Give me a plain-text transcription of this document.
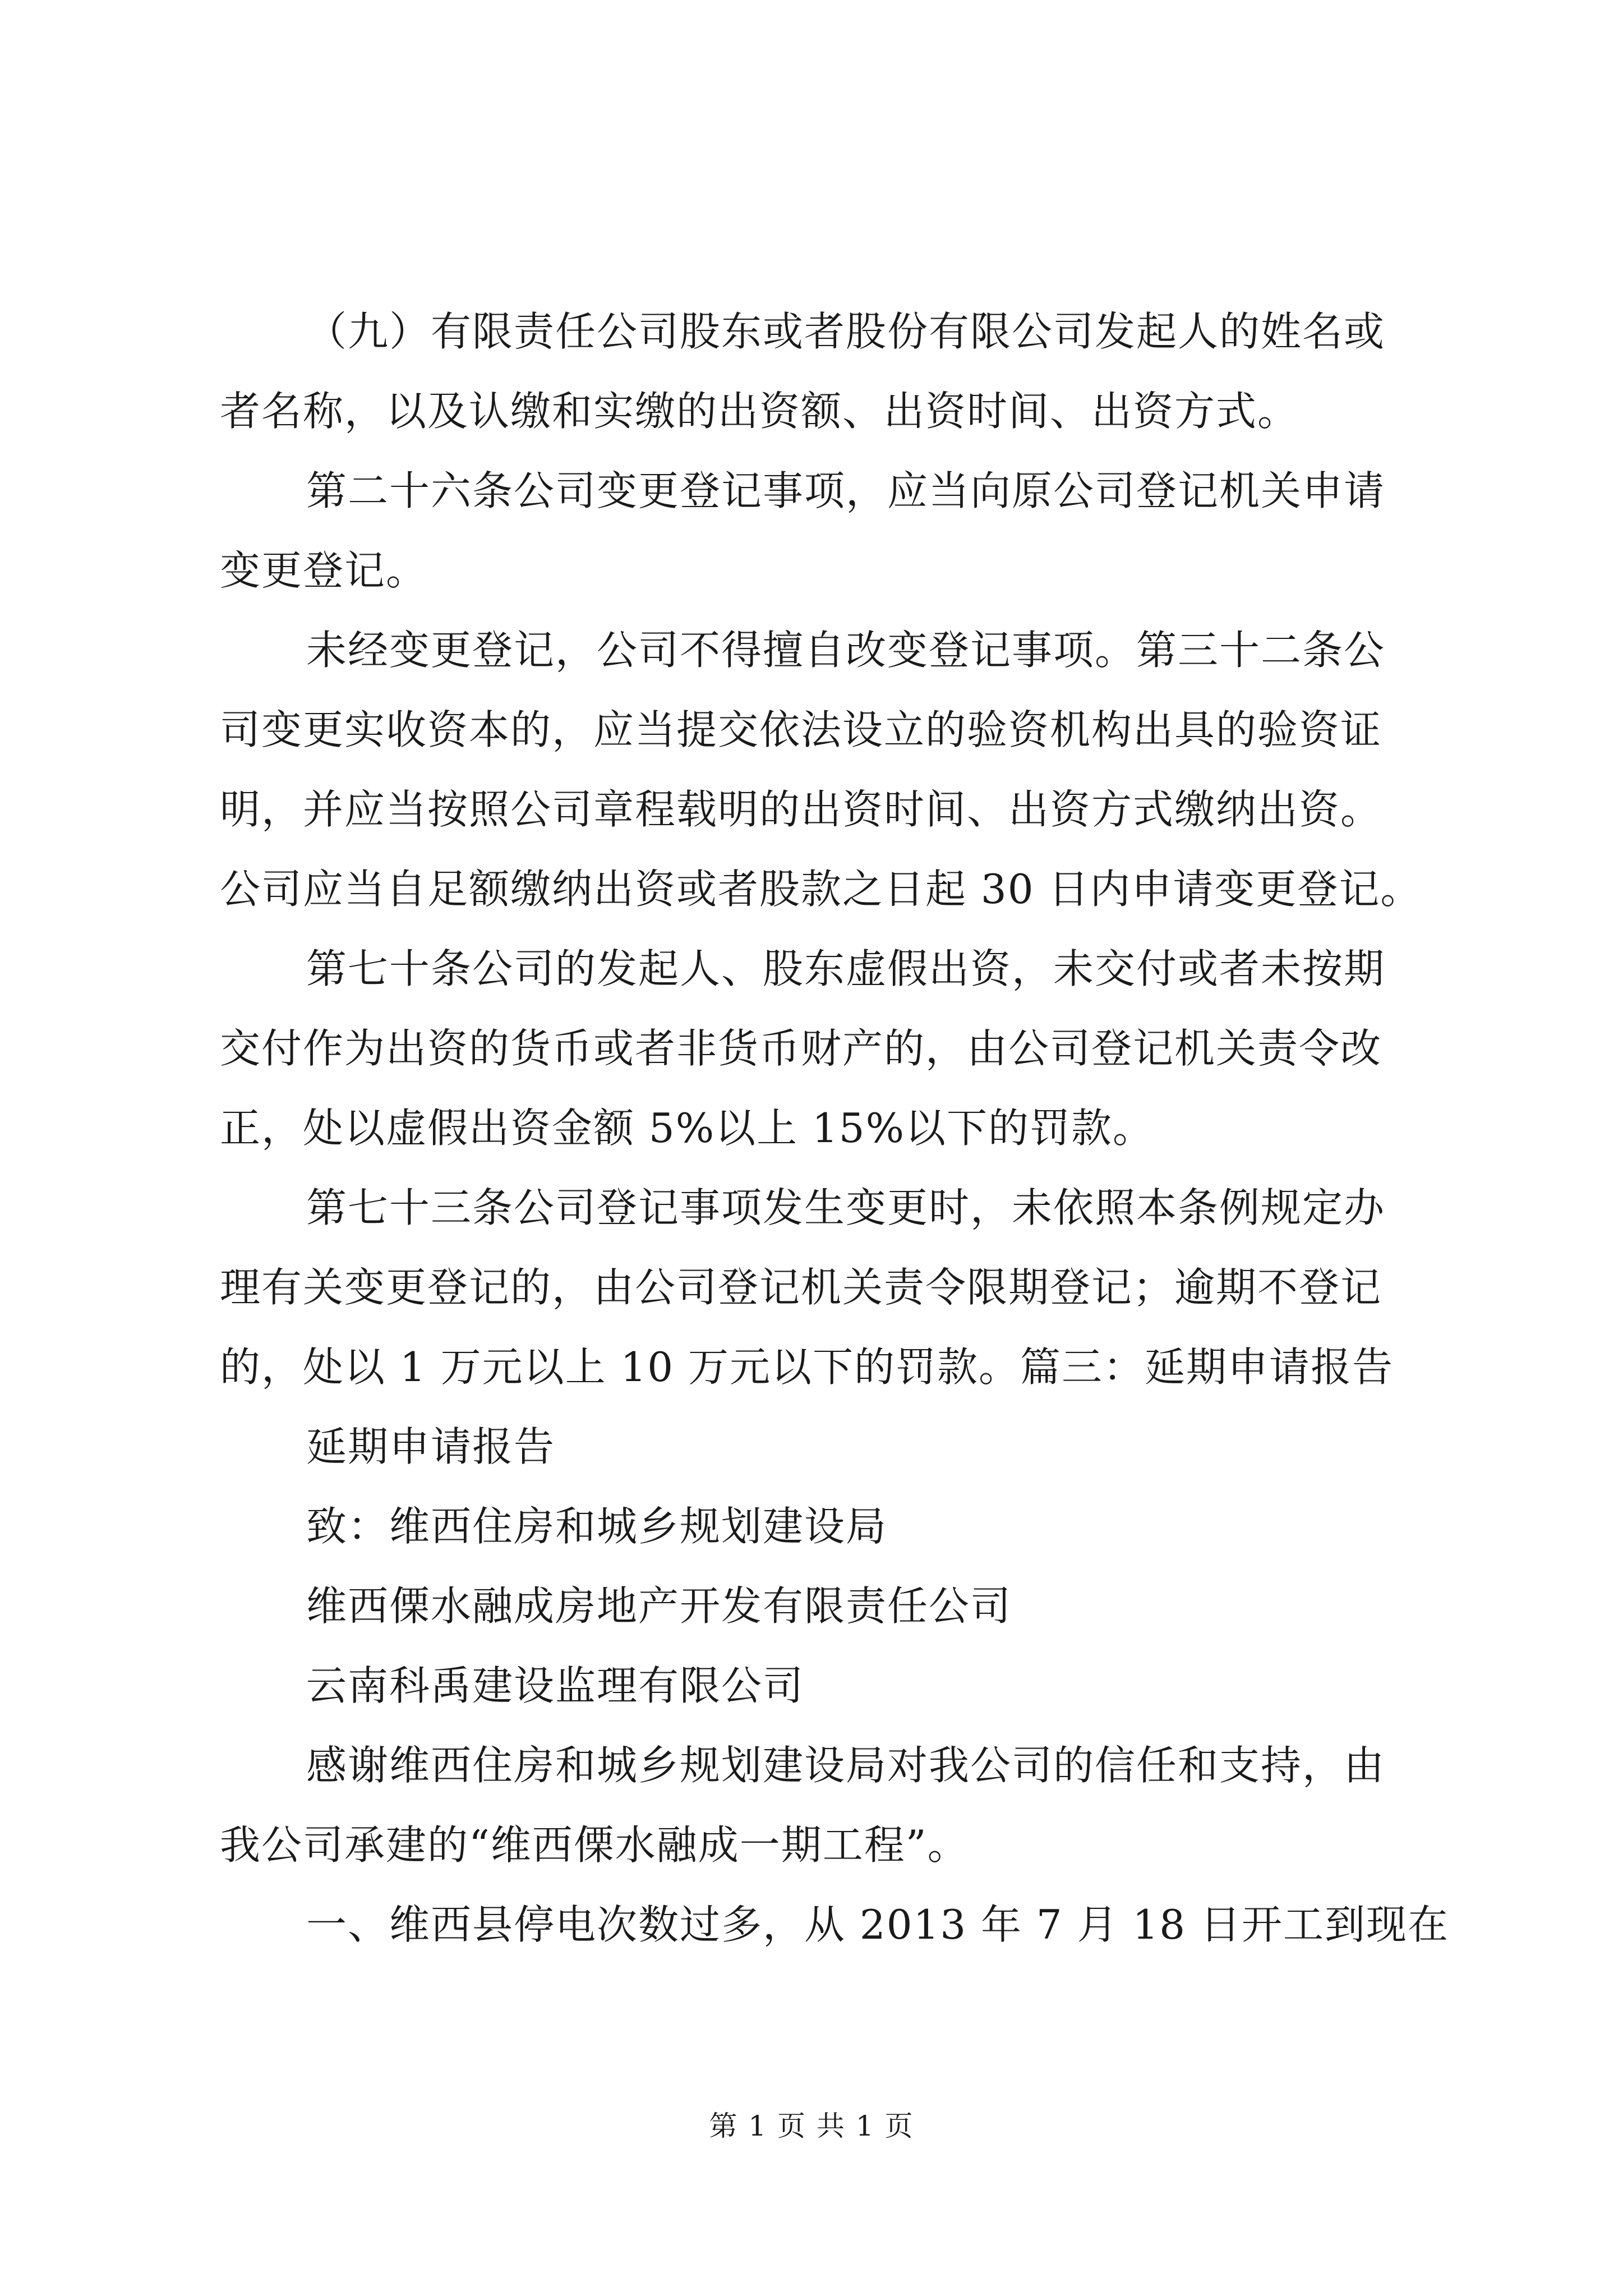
（九）有限责任公司股东或者股份有限公司发起人的姓名或
者名称，以及认缴和实缴的出资额、出资时间、出资方式。
第二十六条公司变更登记事项，应当向原公司登记机关申请
变更登记。
未经变更登记，公司不得擅自改变登记事项。第三十二条公
司变更实收资本的，应当提交依法设立的验资机构出具的验资证
明，并应当按照公司章程载明的出资时间、出资方式缴纳出资。
公司应当自足额缴纳出资或者股款之日起 30 日内申请变更登记。
第七十条公司的发起人、股东虚假出资，未交付或者未按期
交付作为出资的货币或者非货币财产的，由公司登记机关责令改
正，处以虚假出资金额 5%以上 15%以下的罚款。
第七十三条公司登记事项发生变更时，未依照本条例规定办
理有关变更登记的，由公司登记机关责令限期登记；逾期不登记
的，处以 1 万元以上 10 万元以下的罚款。篇三：延期申请报告
延期申请报告
致：维西住房和城乡规划建设局
维西傈水融成房地产开发有限责任公司
云南科禹建设监理有限公司
感谢维西住房和城乡规划建设局对我公司的信任和支持，由
我公司承建的“维西傈水融成一期工程”。
一、维西县停电次数过多，从 2013 年 7 月 18 日开工到现在
第 1 页 共 1 页
